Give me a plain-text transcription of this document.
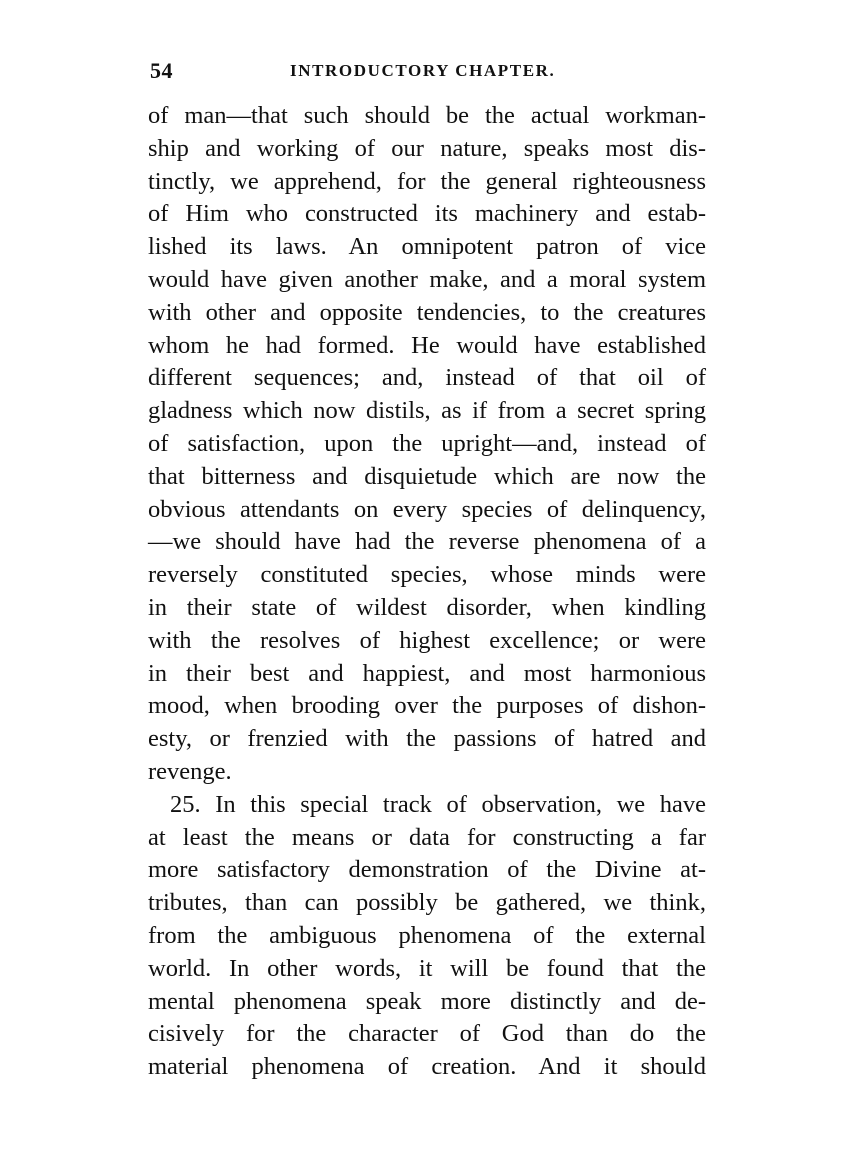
54	INTRODUCTORY CHAPTER.
of man—that such should be the actual workman-
ship and working of our nature, speaks most dis-
tinctly, we apprehend, for the general righteousness
of Him who constructed its machinery and estab-
lished its laws. An omnipotent patron of vice
would have given another make, and a moral system
with other and opposite tendencies, to the creatures
whom he had formed. He would have established
different sequences; and, instead of that oil of
gladness which now distils, as if from a secret spring
of satisfaction, upon the upright—and, instead of
that bitterness and disquietude which are now the
obvious attendants on every species of delinquency,
—we should have had the reverse phenomena of a
reversely constituted species, whose minds were
in their state of wildest disorder, when kindling
with the resolves of highest excellence; or were
in their best and happiest, and most harmonious
mood, when brooding over the purposes of dishon-
esty, or frenzied with the passions of hatred and
revenge.
25. In this special track of observation, we have
at least the means or data for constructing a far
more satisfactory demonstration of the Divine at-
tributes, than can possibly be gathered, we think,
from the ambiguous phenomena of the external
world. In other words, it will be found that the
mental phenomena speak more distinctly and de-
cisively for the character of God than do the
material phenomena of creation. And it should
